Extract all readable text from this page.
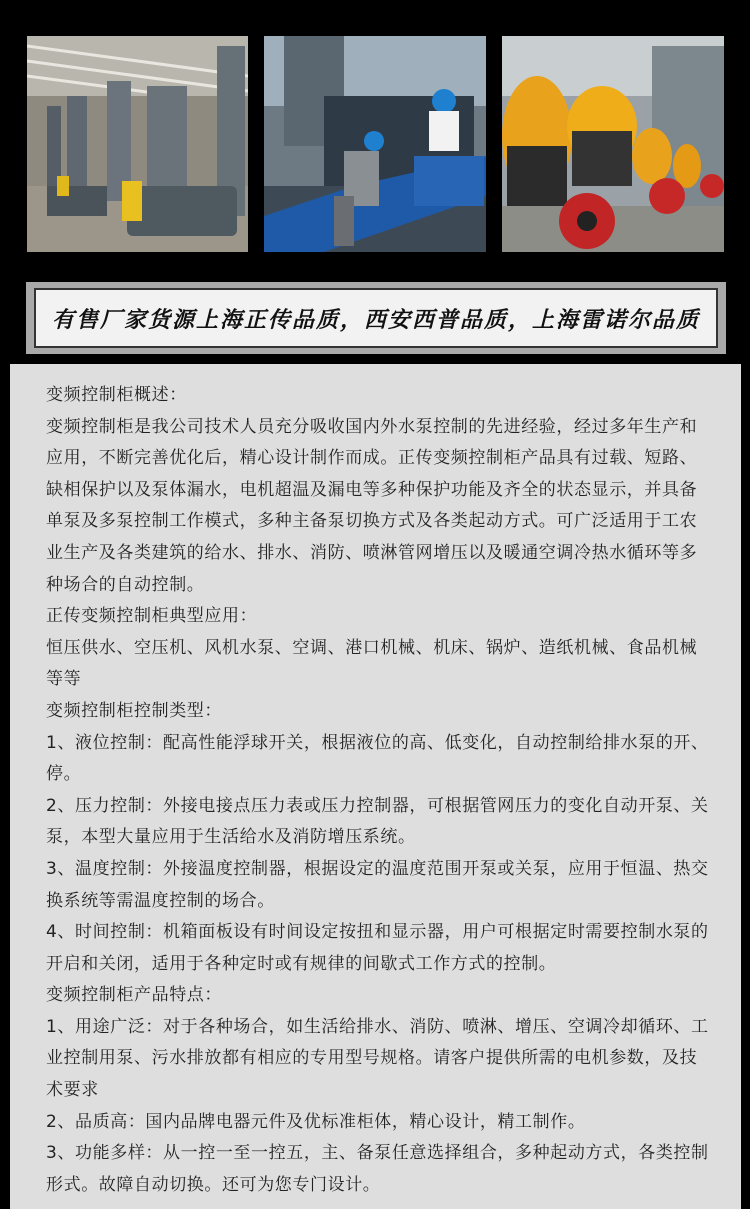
有售厂家货源上海正传品质，西安西普品质，上海雷诺尔品质

变频控制柜概述：

变频控制柜是我公司技术人员充分吸收国内外水泵控制的先进经验，经过多年生产和应用，不断完善优化后，精心设计制作而成。正传变频控制柜产品具有过载、短路、缺相保护以及泵体漏水，电机超温及漏电等多种保护功能及齐全的状态显示，并具备单泵及多泵控制工作模式，多种主备泵切换方式及各类起动方式。可广泛适用于工农业生产及各类建筑的给水、排水、消防、喷淋管网增压以及暖通空调冷热水循环等多种场合的自动控制。

正传变频控制柜典型应用：

恒压供水、空压机、风机水泵、空调、港口机械、机床、锅炉、造纸机械、食品机械等等

变频控制柜控制类型：

1、液位控制：配高性能浮球开关，根据液位的高、低变化，自动控制给排水泵的开、停。

2、压力控制：外接电接点压力表或压力控制器，可根据管网压力的变化自动开泵、关泵，本型大量应用于生活给水及消防增压系统。

3、温度控制：外接温度控制器，根据设定的温度范围开泵或关泵，应用于恒温、热交换系统等需温度控制的场合。

4、时间控制：机箱面板设有时间设定按扭和显示器，用户可根据定时需要控制水泵的开启和关闭，适用于各种定时或有规律的间歇式工作方式的控制。

变频控制柜产品特点：

1、用途广泛：对于各种场合，如生活给排水、消防、喷淋、增压、空调冷却循环、工业控制用泵、污水排放都有相应的专用型号规格。请客户提供所需的电机参数，及技术要求

2、品质高：国内品牌电器元件及优标准柜体，精心设计，精工制作。

3、功能多样：从一控一至一控五，主、备泵任意选择组合，多种起动方式，各类控制形式。故障自动切换。还可为您专门设计。
